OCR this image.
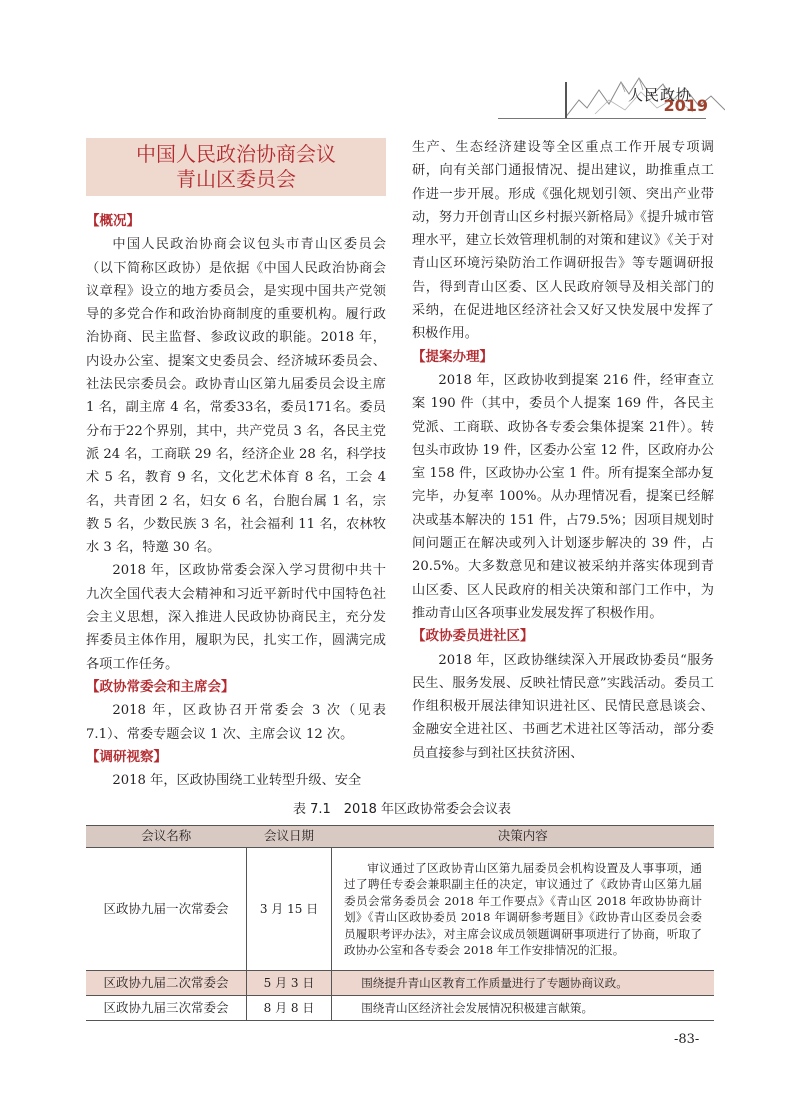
人民政协
2019
中国人民政治协商会议
青山区委员会
【概况】

中国人民政治协商会议包头市青山区委员会（以下简称区政协）是依据《中国人民政治协商会议章程》设立的地方委员会，是实现中国共产党领导的多党合作和政治协商制度的重要机构。履行政治协商、民主监督、参政议政的职能。2018 年，内设办公室、提案文史委员会、经济城环委员会、社法民宗委员会。政协青山区第九届委员会设主席 1 名，副主席 4 名，常委33名，委员171名。委员分布于22个界别，其中，共产党员 3 名，各民主党派 24 名，工商联 29 名，经济企业 28 名，科学技术 5 名，教育 9 名，文化艺术体育 8 名，工会 4 名，共青团 2 名，妇女 6 名，台胞台属 1 名，宗教 5 名，少数民族 3 名，社会福利 11 名，农林牧水 3 名，特邀 30 名。

2018 年，区政协常委会深入学习贯彻中共十九次全国代表大会精神和习近平新时代中国特色社会主义思想，深入推进人民政协协商民主，充分发挥委员主体作用，履职为民，扎实工作，圆满完成各项工作任务。

【政协常委会和主席会】

2018 年，区政协召开常委会 3 次（见表 7.1）、常委专题会议 1 次、主席会议 12 次。

【调研视察】

2018 年，区政协围绕工业转型升级、安全

生产、生态经济建设等全区重点工作开展专项调研，向有关部门通报情况、提出建议，助推重点工作进一步开展。形成《强化规划引领、突出产业带动，努力开创青山区乡村振兴新格局》《提升城市管理水平，建立长效管理机制的对策和建议》《关于对青山区环境污染防治工作调研报告》等专题调研报告，得到青山区委、区人民政府领导及相关部门的采纳，在促进地区经济社会又好又快发展中发挥了积极作用。

【提案办理】

2018 年，区政协收到提案 216 件，经审查立案 190 件（其中，委员个人提案 169 件，各民主党派、工商联、政协各专委会集体提案 21件）。转包头市政协 19 件，区委办公室 12 件，区政府办公室 158 件，区政协办公室 1 件。所有提案全部办复完毕，办复率 100%。从办理情况看，提案已经解决或基本解决的 151 件，占79.5%；因项目规划时间问题正在解决或列入计划逐步解决的 39 件，占 20.5%。大多数意见和建议被采纳并落实体现到青山区委、区人民政府的相关决策和部门工作中，为推动青山区各项事业发展发挥了积极作用。

【政协委员进社区】

2018 年，区政协继续深入开展政协委员“服务民生、服务发展、反映社情民意”实践活动。委员工作组积极开展法律知识进社区、民情民意恳谈会、金融安全进社区、书画艺术进社区等活动，部分委员直接参与到社区扶贫济困、

表 7.1　2018 年区政协常委会会议表
会议名称	会议日期	决策内容
区政协九届一次常委会	3 月 15 日	审议通过了区政协青山区第九届委员会机构设置及人事事项，通过了聘任专委会兼职副主任的决定，审议通过了《政协青山区第九届委员会常务委员会 2018 年工作要点》《青山区 2018 年政协协商计划》《青山区政协委员 2018 年调研参考题目》《政协青山区委员会委员履职考评办法》，对主席会议成员领题调研事项进行了协商，听取了政协办公室和各专委会 2018 年工作安排情况的汇报。
区政协九届二次常委会	5 月 3 日	围绕提升青山区教育工作质量进行了专题协商议政。
区政协九届三次常委会	8 月 8 日	围绕青山区经济社会发展情况积极建言献策。
-83-
